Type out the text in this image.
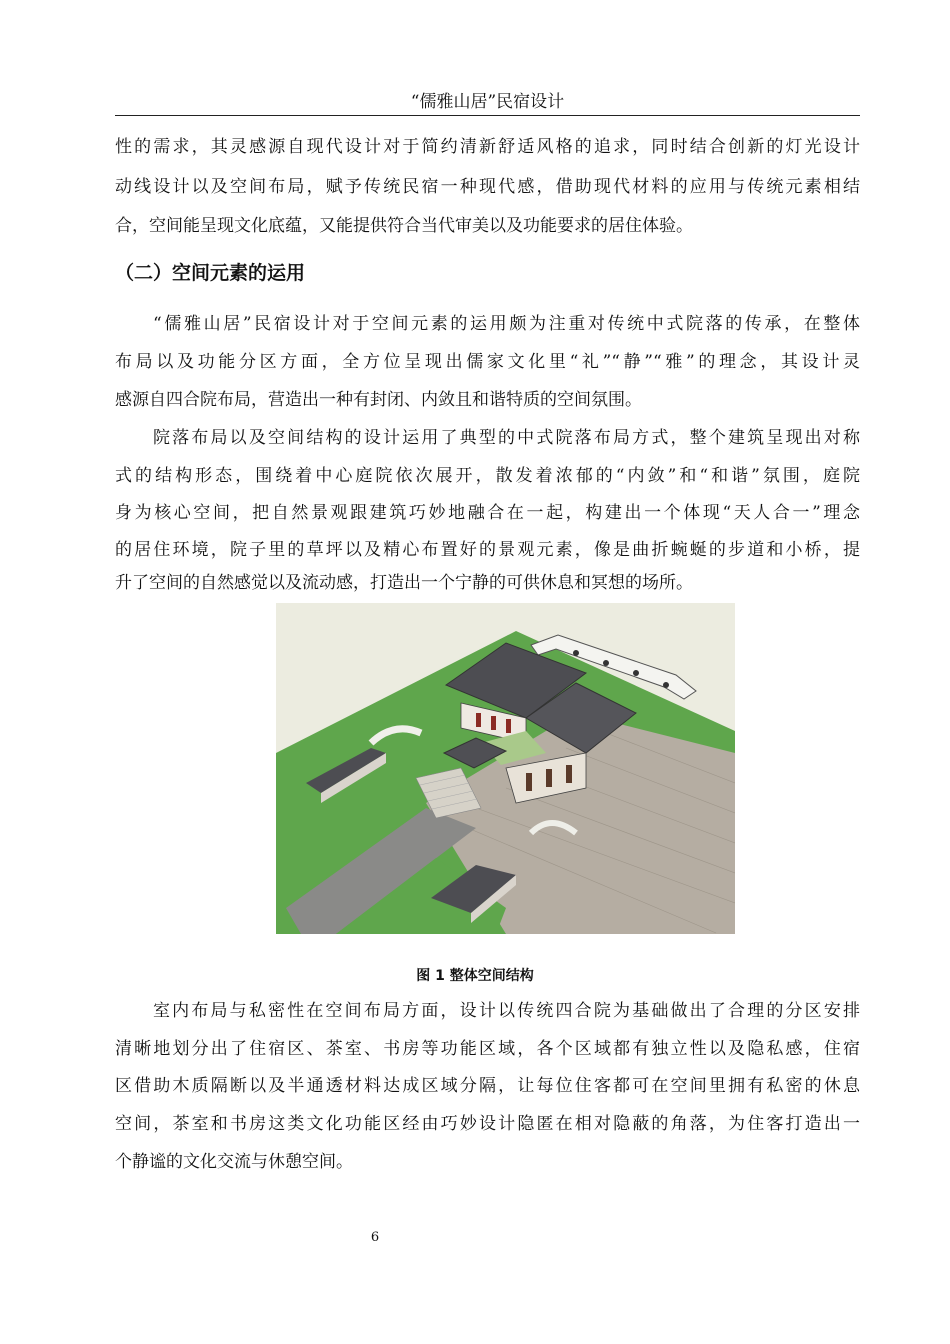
“儒雅山居”民宿设计
性的需求，其灵感源自现代设计对于简约清新舒适风格的追求，同时结合创新的灯光设计
动线设计以及空间布局，赋予传统民宿一种现代感，借助现代材料的应用与传统元素相结
合，空间能呈现文化底蕴，又能提供符合当代审美以及功能要求的居住体验。
（二）空间元素的运用
“儒雅山居”民宿设计对于空间元素的运用颇为注重对传统中式院落的传承，在整体
布局以及功能分区方面，全方位呈现出儒家文化里“礼”“静”“雅”的理念，其设计灵
感源自四合院布局，营造出一种有封闭、内敛且和谐特质的空间氛围。
院落布局以及空间结构的设计运用了典型的中式院落布局方式，整个建筑呈现出对称
式的结构形态，围绕着中心庭院依次展开，散发着浓郁的“内敛”和“和谐”氛围，庭院
身为核心空间，把自然景观跟建筑巧妙地融合在一起，构建出一个体现“天人合一”理念
的居住环境，院子里的草坪以及精心布置好的景观元素，像是曲折蜿蜒的步道和小桥，提
升了空间的自然感觉以及流动感，打造出一个宁静的可供休息和冥想的场所。
图 1 整体空间结构
室内布局与私密性在空间布局方面，设计以传统四合院为基础做出了合理的分区安排
清晰地划分出了住宿区、茶室、书房等功能区域，各个区域都有独立性以及隐私感，住宿
区借助木质隔断以及半通透材料达成区域分隔，让每位住客都可在空间里拥有私密的休息
空间，茶室和书房这类文化功能区经由巧妙设计隐匿在相对隐蔽的角落，为住客打造出一
个静谧的文化交流与休憩空间。
6
